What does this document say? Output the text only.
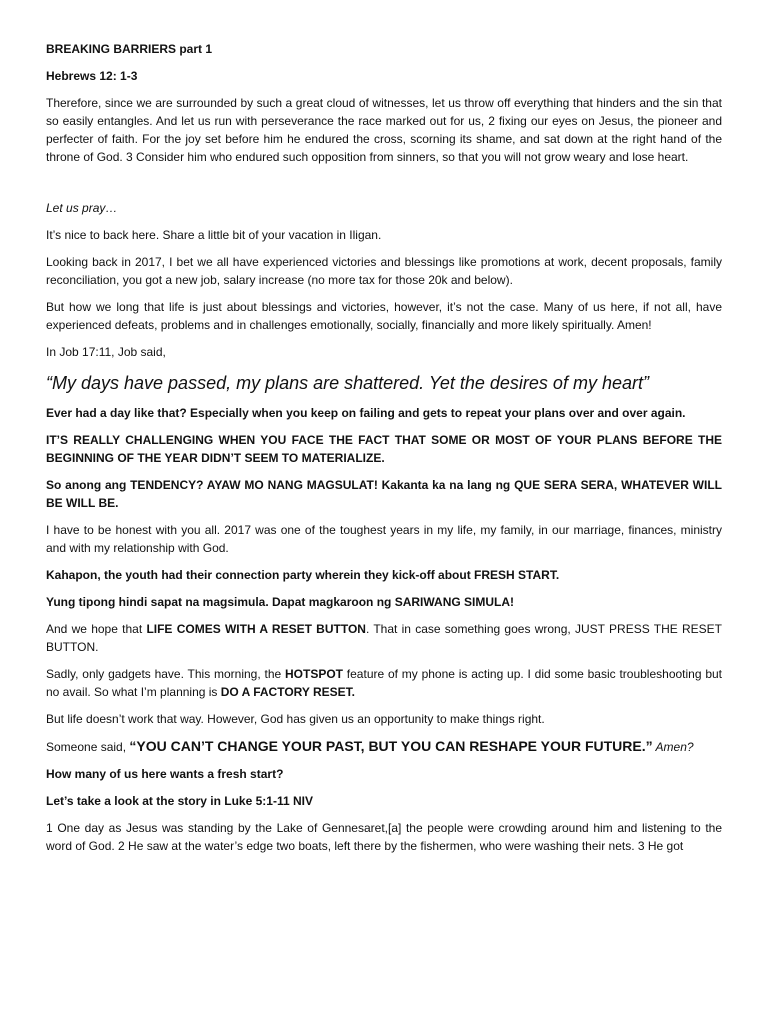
BREAKING BARRIERS part 1

Hebrews 12: 1-3

Therefore, since we are surrounded by such a great cloud of witnesses, let us throw off everything that hinders and the sin that so easily entangles. And let us run with perseverance the race marked out for us, 2 fixing our eyes on Jesus, the pioneer and perfecter of faith. For the joy set before him he endured the cross, scorning its shame, and sat down at the right hand of the throne of God. 3 Consider him who endured such opposition from sinners, so that you will not grow weary and lose heart.

Let us pray…

It’s nice to back here. Share a little bit of your vacation in Iligan.

Looking back in 2017, I bet we all have experienced victories and blessings like promotions at work, decent proposals, family reconciliation, you got a new job, salary increase (no more tax for those 20k and below).

But how we long that life is just about blessings and victories, however, it’s not the case. Many of us here, if not all, have experienced defeats, problems and in challenges emotionally, socially, financially and more likely spiritually. Amen!

In Job 17:11, Job said,

“My days have passed, my plans are shattered. Yet the desires of my heart”

Ever had a day like that? Especially when you keep on failing and gets to repeat your plans over and over again.

IT’S REALLY CHALLENGING WHEN YOU FACE THE FACT THAT SOME OR MOST OF YOUR PLANS BEFORE THE BEGINNING OF THE YEAR DIDN’T SEEM TO MATERIALIZE.

So anong ang TENDENCY? AYAW MO NANG MAGSULAT! Kakanta ka na lang ng QUE SERA SERA, WHATEVER WILL BE WILL BE.

I have to be honest with you all. 2017 was one of the toughest years in my life, my family, in our marriage, finances, ministry and with my relationship with God.

Kahapon, the youth had their connection party wherein they kick-off about FRESH START.

Yung tipong hindi sapat na magsimula. Dapat magkaroon ng SARIWANG SIMULA!

And we hope that LIFE COMES WITH A RESET BUTTON. That in case something goes wrong, JUST PRESS THE RESET BUTTON.

Sadly, only gadgets have. This morning, the HOTSPOT feature of my phone is acting up. I did some basic troubleshooting but no avail. So what I’m planning is DO A FACTORY RESET.

But life doesn’t work that way. However, God has given us an opportunity to make things right.

Someone said, “YOU CAN’T CHANGE YOUR PAST, BUT YOU CAN RESHAPE YOUR FUTURE.” Amen?

How many of us here wants a fresh start?

Let’s take a look at the story in Luke 5:1-11 NIV

1 One day as Jesus was standing by the Lake of Gennesaret,[a] the people were crowding around him and listening to the word of God. 2 He saw at the water’s edge two boats, left there by the fishermen, who were washing their nets. 3 He got
